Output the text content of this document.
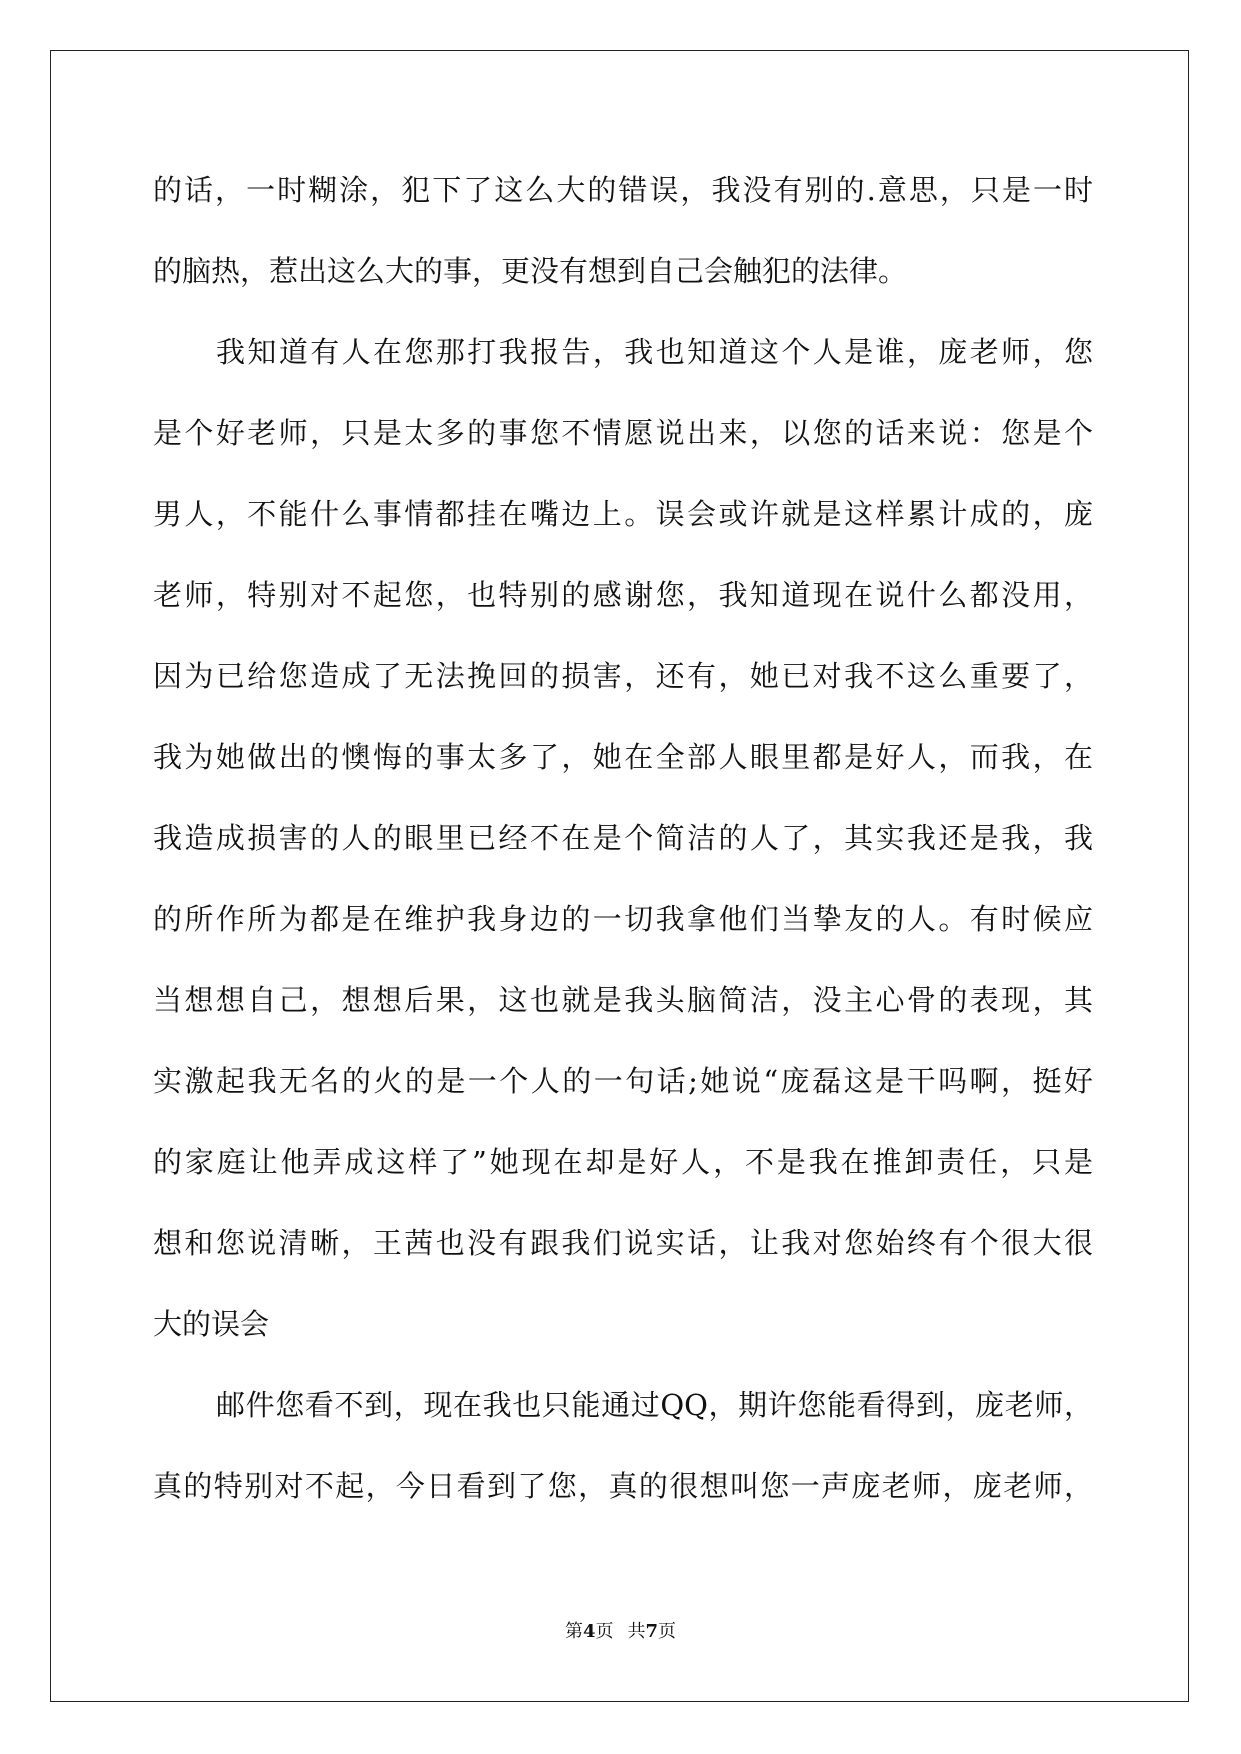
的话，一时糊涂，犯下了这么大的错误，我没有别的.意思，只是一时
的脑热，惹出这么大的事，更没有想到自己会触犯的法律。
我知道有人在您那打我报告，我也知道这个人是谁，庞老师，您
是个好老师，只是太多的事您不情愿说出来，以您的话来说：您是个
男人，不能什么事情都挂在嘴边上。误会或许就是这样累计成的，庞
老师，特别对不起您，也特别的感谢您，我知道现在说什么都没用，
因为已给您造成了无法挽回的损害，还有，她已对我不这么重要了，
我为她做出的懊悔的事太多了，她在全部人眼里都是好人，而我，在
我造成损害的人的眼里已经不在是个简洁的人了，其实我还是我，我
的所作所为都是在维护我身边的一切我拿他们当挚友的人。有时候应
当想想自己，想想后果，这也就是我头脑简洁，没主心骨的表现，其
实激起我无名的火的是一个人的一句话;她说“庞磊这是干吗啊，挺好
的家庭让他弄成这样了”她现在却是好人，不是我在推卸责任，只是
想和您说清晰，王茜也没有跟我们说实话，让我对您始终有个很大很
大的误会
邮件您看不到，现在我也只能通过QQ，期许您能看得到，庞老师，
真的特别对不起，今日看到了您，真的很想叫您一声庞老师，庞老师，
第4页 共7页
